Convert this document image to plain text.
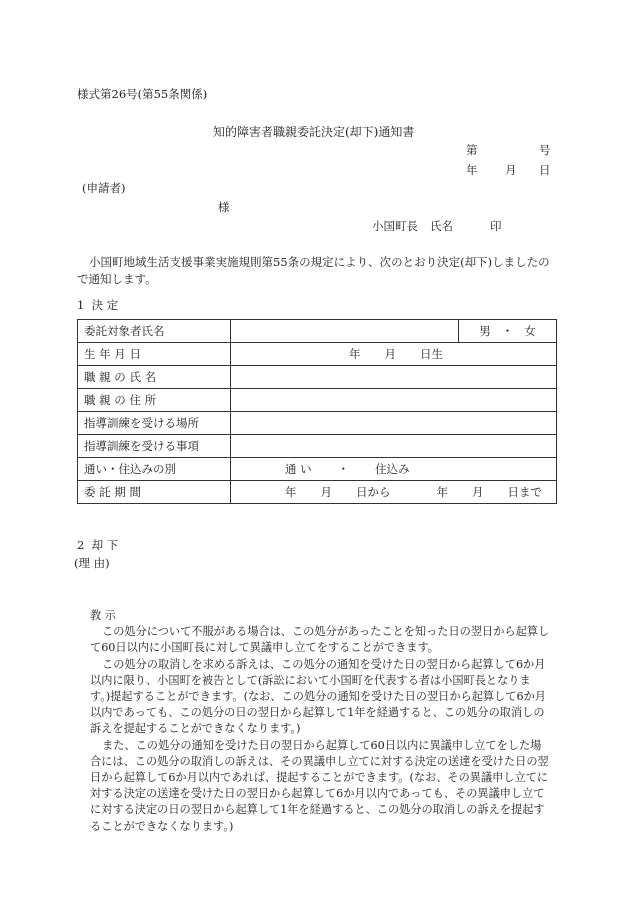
様式第26号(第55条関係)
知的障害者職親委託決定(却下)通知書
第	号
年 月 日
(申請者)
様
小国町長 氏名	印
小国町地域生活支援事業実施規則第55条の規定により、次のとおり決定(却下)しましたので通知します。
1 決 定
委託対象者氏名		男 ・ 女
生 年 月 日	年 月 日生	
職 親 の 氏 名		
職 親 の 住 所		
指導訓練を受ける場所		
指導訓練を受ける事項		
通い・住込みの別	通 い ・ 住込み	
委 託 期 間	年 月 日から 年 月 日まで	
2 却 下
(理 由)

教 示

この処分について不服がある場合は、この処分があったことを知った日の翌日から起算して60日以内に小国町長に対して異議申し立てをすることができます。

この処分の取消しを求める訴えは、この処分の通知を受けた日の翌日から起算して6か月以内に限り、小国町を被告として(訴訟において小国町を代表する者は小国町長となります。)提起することができます。(なお、この処分の通知を受けた日の翌日から起算して6か月以内であっても、この処分の日の翌日から起算して1年を経過すると、この処分の取消しの訴えを提起することができなくなります。)

また、この処分の通知を受けた日の翌日から起算して60日以内に異議申し立てをした場合には、この処分の取消しの訴えは、その異議申し立てに対する決定の送達を受けた日の翌日から起算して6か月以内であれば、提起することができます。(なお、その異議申し立てに対する決定の送達を受けた日の翌日から起算して6か月以内であっても、その異議申し立てに対する決定の日の翌日から起算して1年を経過すると、この処分の取消しの訴えを提起することができなくなります。)
